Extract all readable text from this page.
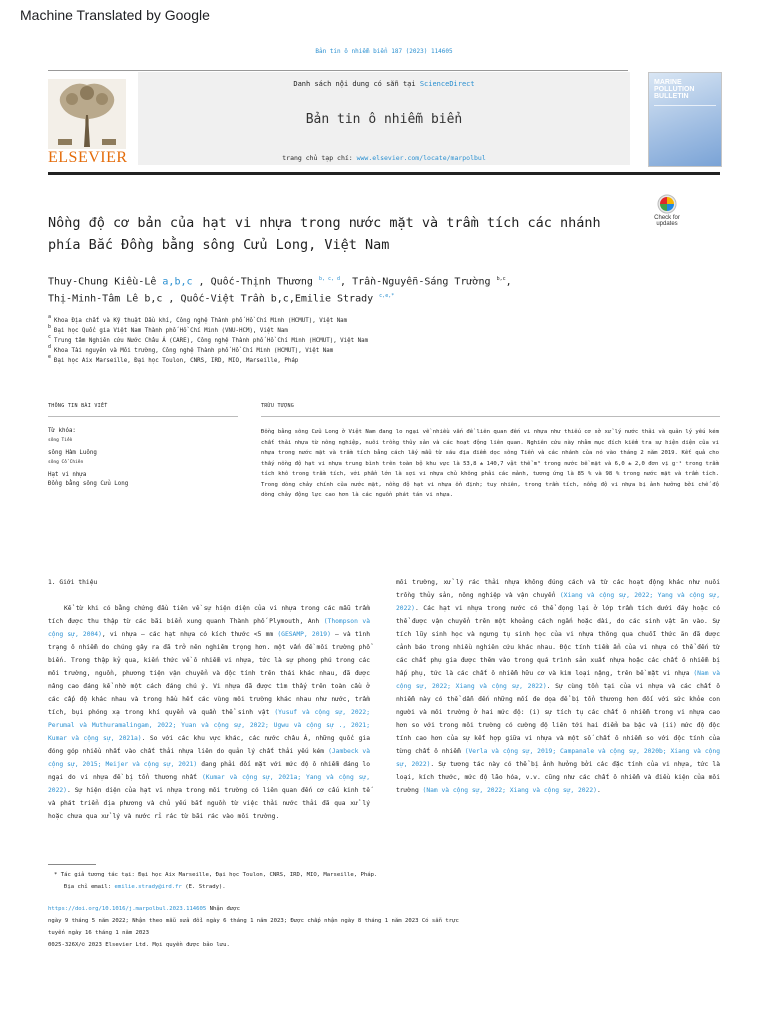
Machine Translated by Google
Bản tin ô nhiễm biển 187 (2023) 114605
ELSEVIER
Danh sách nội dung có sẵn tại ScienceDirect
Bản tin ô nhiễm biển
trang chủ tạp chí: www.elsevier.com/locate/marpolbul
MARINE POLLUTION BULLETIN
Nồng độ cơ bản của hạt vi nhựa trong nước mặt và trầm tích các nhánh phía Bắc Đồng bằng sông Cửu Long, Việt Nam
Check for updates
Thuy-Chung Kiều-Lê a,b,c , Quốc-Thịnh Thương $^{b, c, d}$, Trần-Nguyễn-Sáng Trường $^{b,c}$,
Thị-Minh-Tâm Lê b,c , Quốc-Việt Trần b,c,Emilie Strady $^{c,e,*}$
a
Khoa Địa chất và Kỹ thuật Dầu khí, Công nghệ Thành phố Hồ Chí Minh (HCMUT), Việt Nam
b
Đại học Quốc gia Việt Nam Thành phố Hồ Chí Minh (VNU-HCM), Việt Nam
c
Trung tâm Nghiên cứu Nước Châu Á (CARE), Công nghệ Thành phố Hồ Chí Minh (HCMUT), Việt Nam
d
Khoa Tài nguyên và Môi trường, Công nghệ Thành phố Hồ Chí Minh (HCMUT), Việt Nam
e
Đại học Aix Marseille, Đại học Toulon, CNRS, IRD, MIO, Marseille, Pháp
THÔNG TIN BÀI VIẾT	TRỪU TƯỢNG
Từ khóa:
sông Tiền
sông Hàm Luông
sông Cổ Chiên
Hạt vi nhựa
Đồng bằng sông Cửu Long
Đồng bằng sông Cửu Long ở Việt Nam đang lo ngại về nhiều vấn đề liên quan đến vi nhựa như thiếu cơ sở xử lý nước thải và quản lý yếu kém chất thải nhựa từ nông nghiệp, nuôi trồng thủy sản và các hoạt động liên quan. Nghiên cứu này nhằm mục đích kiểm tra sự hiện diện của vi nhựa trong nước mặt và trầm tích bằng cách lấy mẫu từ sáu địa điểm dọc sông Tiền và các nhánh của nó vào tháng 2 năm 2019. Kết quả cho thấy nồng độ hạt vi nhựa trung bình trên toàn bộ khu vực là 53,8 ± 140,7 vật thể m³ trong nước bề mặt và 6,0 ± 2,0 đơn vị g⁻¹ trong trầm tích khô trong trầm tích, với phần lớn là sợi vi nhựa chủ không phải các mảnh, tương ứng là 85 % và 98 % trong nước mặt và trầm tích. Trong dòng chảy chính của nước mặt, nồng độ hạt vi nhựa ổn định; tuy nhiên, trong trầm tích, nồng độ vi nhựa bị ảnh hưởng bởi chế độ dòng chảy động lực cao hơn là các nguồn phát tán vi nhựa.
1. Giới thiệu
Kể từ khi có bằng chứng đầu tiên về sự hiện diện của vi nhựa trong các mẫu trầm tích được thu thập từ các bãi biển xung quanh Thành phố Plymouth, Anh (Thompson và cộng sự, 2004), vi nhựa – các hạt nhựa có kích thước <5 mm (GESAMP, 2019) – và tình trạng ô nhiễm do chúng gây ra đã trở nên nghiêm trọng hơn. một vấn đề môi trường phổ biến. Trong thập kỷ qua, kiến thức về ô nhiễm vi nhựa, tức là sự phong phú trong các môi trường, nguồn, phương tiện vận chuyển và độc tính trên thái khác nhau, đã được nâng cao đáng kể nhờ một cách đáng chú ý. Vi nhựa đã được tìm thấy trên toàn cầu ở các cấp độ khác nhau và trong hầu hết các vùng môi trường khác nhau như nước, trầm tích, bụi phóng xạ trong khí quyển và quần thể sinh vật (Yusuf và cộng sự, 2022; Perumal và Muthuramalingam, 2022; Yuan và cộng sự, 2022; Ugwu và cộng sự ., 2021; Kumar và cộng sự, 2021a). So với các khu vực khác, các nước châu Á, những quốc gia đóng góp nhiều nhất vào chất thải nhựa liên do quản lý chất thải yếu kém (Jambeck và cộng sự, 2015; Meijer và cộng sự, 2021) đang phải đối mặt với mức độ ô nhiễm đáng lo ngại do vi nhựa đề bị tổn thương nhất (Kumar và cộng sự, 2021a; Yang và cộng sự, 2022). Sự hiện diện của hạt vi nhựa trong môi trường có liên quan đến cơ cấu kinh tế và phát triển địa phương và chủ yếu bắt nguồn từ việc thải nước thải đã qua xử lý hoặc chưa qua xử lý và nước rỉ rác từ bãi rác vào môi trường.
môi trường, xử lý rác thải nhựa không đúng cách và từ các hoạt động khác như nuôi trồng thủy sản, nông nghiệp và vận chuyển (Xiang và cộng sự, 2022; Yang và cộng sự, 2022). Các hạt vi nhựa trong nước có thể đọng lại ở lớp trầm tích dưới đáy hoặc có thể được vận chuyển trên một khoảng cách ngắn hoặc dài, do các sinh vật ăn vào. Sự tích lũy sinh học và ngưng tụ sinh học của vi nhựa thông qua chuỗi thức ăn đã được cảnh báo trong nhiều nghiên cứu khác nhau. Độc tính tiềm ẩn của vi nhựa có thể đến từ các chất phụ gia được thêm vào trong quá trình sản xuất nhựa hoặc các chất ô nhiễm bị hấp phụ, tức là các chất ô nhiễm hữu cơ và kim loại nặng, trên bề mặt vi nhựa (Nam và cộng sự, 2022; Xiang và cộng sự, 2022). Sự cùng tồn tại của vi nhựa và các chất ô nhiễm này có thể dẫn đến những mối đe dọa để bị tổn thương hơn đối với sức khỏe con người và môi trường ở hai mức độ: (i) sự tích tụ các chất ô nhiễm trong vi nhựa cao hơn so với trong môi trường có cường độ liên tới hai điểm ba bậc và (ii) mức độ độc tính cao hơn của sự kết hợp giữa vi nhựa và một số chất ô nhiễm so với độc tính của từng chất ô nhiễm (Verla và cộng sự, 2019; Campanale và cộng sự, 2020b; Xiang và cộng sự, 2022). Sự tương tác này có thể bị ảnh hưởng bởi các đặc tính của vi nhựa, tức là loại, kích thước, mức độ lão hóa, v.v. cũng như các chất ô nhiễm và điều kiện của môi trường (Nam và cộng sự, 2022; Xiang và cộng sự, 2022).
* Tác giả tương tác tại: Đại học Aix Marseille, Đại học Toulon, CNRS, IRD, MIO, Marseille, Pháp.
Địa chỉ email: emilie.strady@ird.fr (E. Strady).
https://doi.org/10.1016/j.marpolbul.2023.114605 Nhận được
ngày 9 tháng 5 năm 2022; Nhận theo mẫu sửa đổi ngày 6 tháng 1 năm 2023; Được chấp nhận ngày 8 tháng 1 năm 2023 Có sẵn trực tuyến ngày 16 tháng 1 năm 2023
0025-326X/© 2023 Elsevier Ltd. Mọi quyền được bảo lưu.
